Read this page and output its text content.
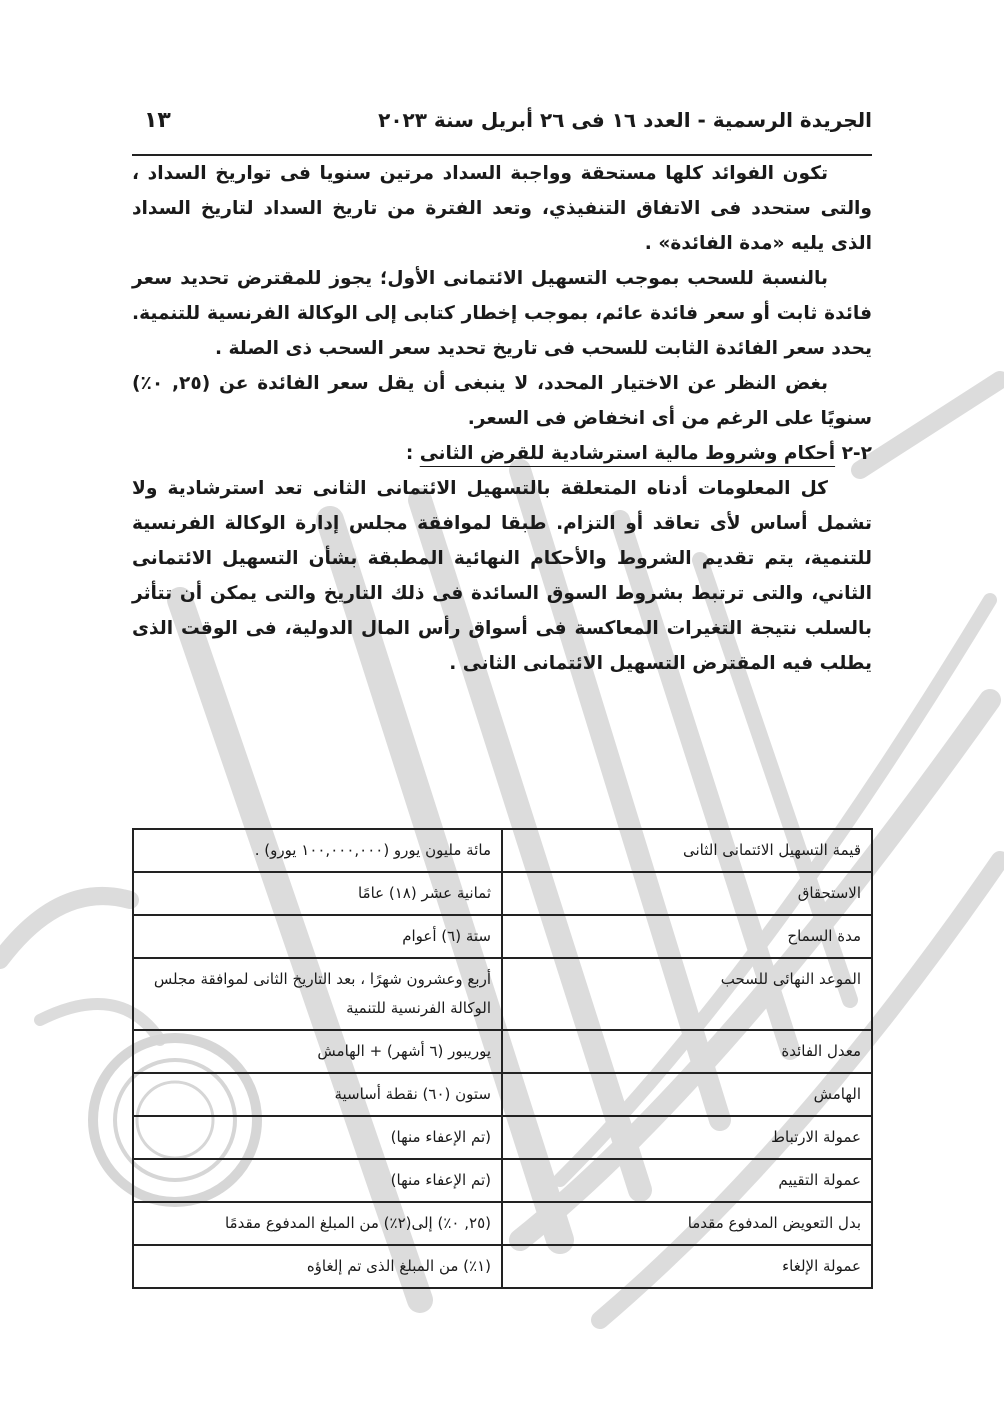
الجريدة الرسمية - العدد ١٦ فى ٢٦ أبريل سنة ٢٠٢٣
١٣

تكون الفوائد كلها مستحقة وواجبة السداد مرتين سنويا فى تواريخ السداد ، والتى ستحدد فى الاتفاق التنفيذي، وتعد الفترة من تاريخ السداد لتاريخ السداد الذى يليه «مدة الفائدة» .

بالنسبة للسحب بموجب التسهيل الائتمانى الأول؛ يجوز للمقترض تحديد سعر فائدة ثابت أو سعر فائدة عائم، بموجب إخطار كتابى إلى الوكالة الفرنسية للتنمية. يحدد سعر الفائدة الثابت للسحب فى تاريخ تحديد سعر السحب ذى الصلة .

بغض النظر عن الاختيار المحدد، لا ينبغى أن يقل سعر الفائدة عن (٢٥, ٠٪) سنويًا على الرغم من أى انخفاض فى السعر.

٢-٢ أحكام وشروط مالية استرشادية للقرض الثانى :

كل المعلومات أدناه المتعلقة بالتسهيل الائتمانى الثانى تعد استرشادية ولا تشمل أساس لأى تعاقد أو التزام. طبقا لموافقة مجلس إدارة الوكالة الفرنسية للتنمية، يتم تقديم الشروط والأحكام النهائية المطبقة بشأن التسهيل الائتمانى الثاني، والتى ترتبط بشروط السوق السائدة فى ذلك التاريخ والتى يمكن أن تتأثر بالسلب نتيجة التغيرات المعاكسة فى أسواق رأس المال الدولية، فى الوقت الذى يطلب فيه المقترض التسهيل الائتمانى الثانى .

قيمة التسهيل الائتمانى الثانى	مائة مليون يورو (١٠٠,٠٠٠,٠٠٠ يورو) .
الاستحقاق	ثمانية عشر (١٨) عامًا
مدة السماح	ستة (٦) أعوام
الموعد النهائى للسحب	أربع وعشرون شهرًا ، بعد التاريخ الثانى لموافقة مجلس الوكالة الفرنسية للتنمية
معدل الفائدة	يوريبور (٦ أشهر) + الهامش
الهامش	ستون (٦٠) نقطة أساسية
عمولة الارتباط	(تم الإعفاء منها)
عمولة التقييم	(تم الإعفاء منها)
بدل التعويض المدفوع مقدما	(٢٥, ٠٪) إلى(٢٪) من المبلغ المدفوع مقدمًا
عمولة الإلغاء	(١٪) من المبلغ الذى تم إلغاؤه
